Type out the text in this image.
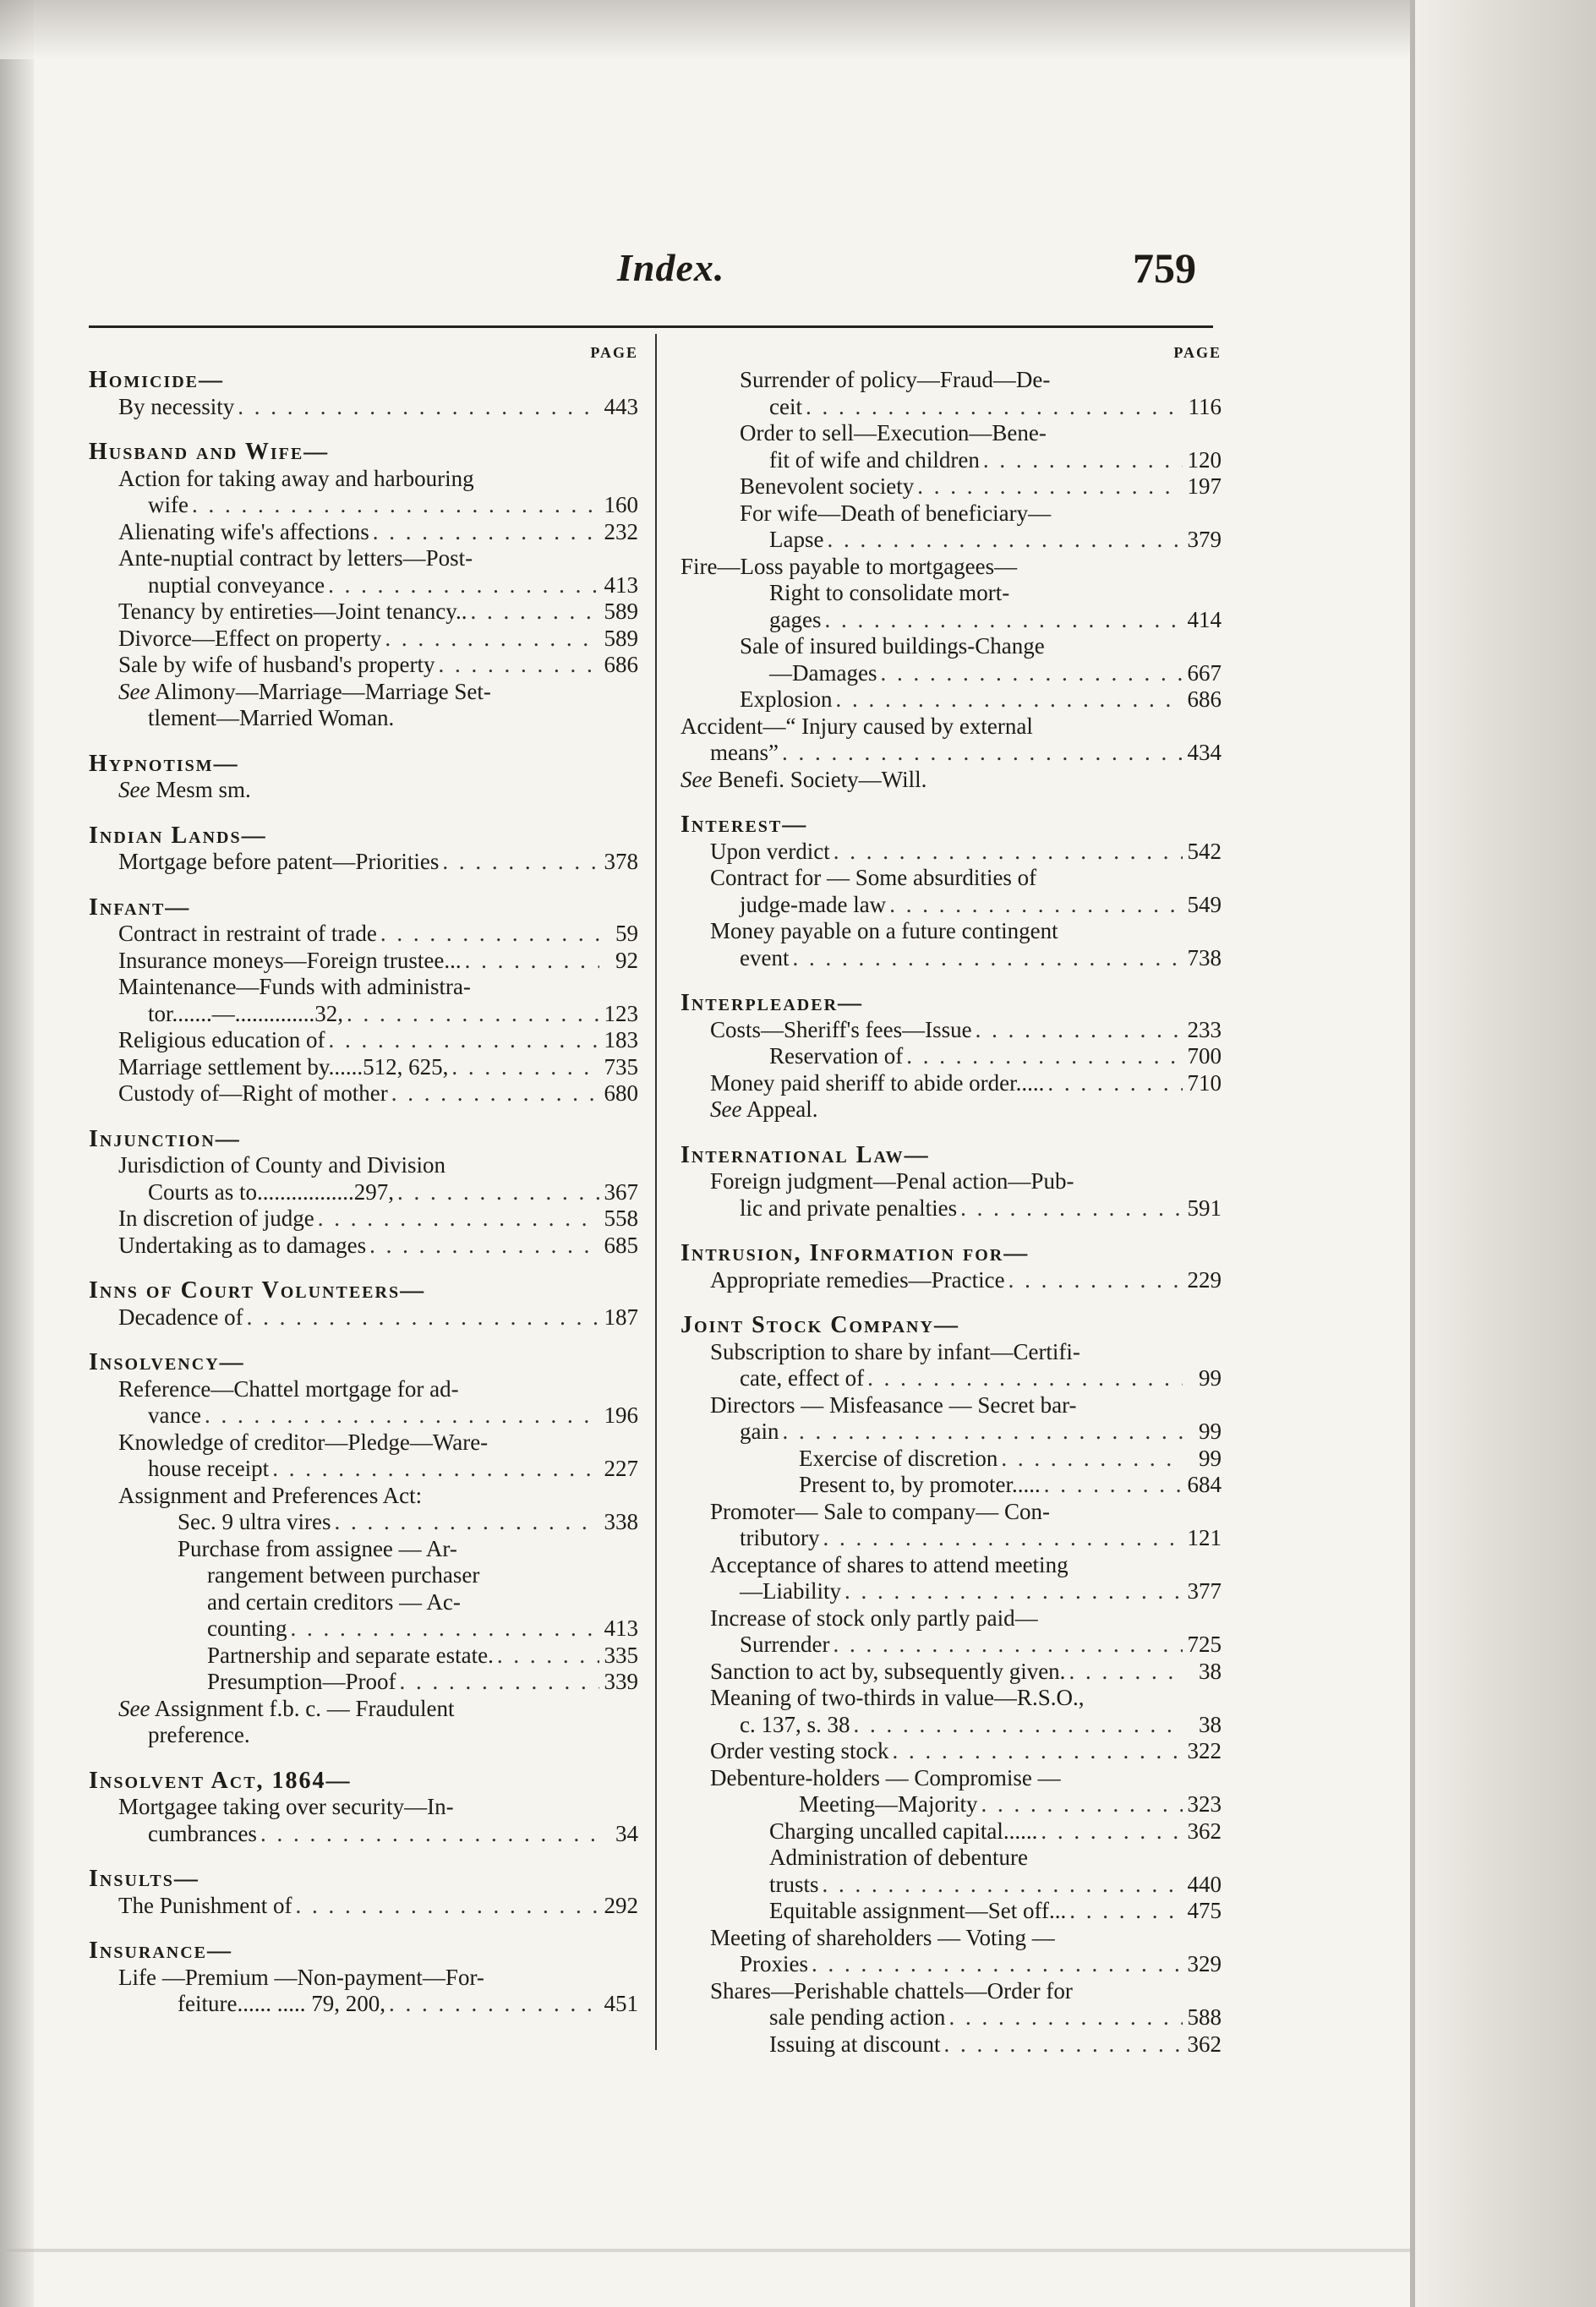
Index.	759
PAGE
Homicide—
By necessity . . .	443
Husband and Wife—
Action for taking away and harbouring
wife . . .	160
Alienating wife's affections . . .	232
Ante-nuptial contract by letters—Post-
nuptial conveyance . . .	413
Tenancy by entireties—Joint tenancy.. . . .	589
Divorce—Effect on property . . .	589
Sale by wife of husband's property . . .	686
See Alimony—Marriage—Marriage Set-
tlement—Married Woman.
Hypnotism—
See Mesm sm.
Indian Lands—
Mortgage before patent—Priorities . . .	378
Infant—
Contract in restraint of trade . . .	59
Insurance moneys—Foreign trustee... . . .	92
Maintenance—Funds with administra-
tor.......—..............32, . . .	123
Religious education of . . .	183
Marriage settlement by......512, 625, . . .	735
Custody of—Right of mother . . .	680
Injunction—
Jurisdiction of County and Division
Courts as to.................297, . . .	367
In discretion of judge . . .	558
Undertaking as to damages . . .	685
Inns of Court Volunteers—
Decadence of . . .	187
Insolvency—
Reference—Chattel mortgage for ad-
vance . . .	196
Knowledge of creditor—Pledge—Ware-
house receipt . . .	227
Assignment and Preferences Act:
Sec. 9 ultra vires . . .	338
Purchase from assignee — Ar-
rangement between purchaser
and certain creditors — Ac-
counting . . .	413
Partnership and separate estate. . . .	335
Presumption—Proof . . .	339
See Assignment f.b. c. — Fraudulent
preference.
Insolvent Act, 1864—
Mortgagee taking over security—In-
cumbrances . . .	34
Insults—
The Punishment of . . .	292
Insurance—
Life —Premium —Non-payment—For-
feiture...... ..... 79, 200, . . .	451
PAGE
Surrender of policy—Fraud—De-
ceit . . .	116
Order to sell—Execution—Bene-
fit of wife and children . . .	120
Benevolent society . . .	197
For wife—Death of beneficiary—
Lapse . . .	379
Fire—Loss payable to mortgagees—
Right to consolidate mort-
gages . . .	414
Sale of insured buildings-Change
—Damages . . .	667
Explosion . . .	686
Accident—“ Injury caused by external
means” . . .	434
See Benefi. Society—Will.
Interest—
Upon verdict . . .	542
Contract for — Some absurdities of
judge-made law . . .	549
Money payable on a future contingent
event . . .	738
Interpleader—
Costs—Sheriff's fees—Issue . . .	233
Reservation of . . .	700
Money paid sheriff to abide order..... . . .	710
See Appeal.
International Law—
Foreign judgment—Penal action—Pub-
lic and private penalties . . .	591
Intrusion, Information for—
Appropriate remedies—Practice . . .	229
Joint Stock Company—
Subscription to share by infant—Certifi-
cate, effect of . . .	99
Directors — Misfeasance — Secret bar-
gain . . .	99
Exercise of discretion . . .	99
Present to, by promoter..... . . .	684
Promoter— Sale to company— Con-
tributory . . .	121
Acceptance of shares to attend meeting
—Liability . . .	377
Increase of stock only partly paid—
Surrender . . .	725
Sanction to act by, subsequently given. . . .	38
Meaning of two-thirds in value—R.S.O.,
c. 137, s. 38 . . .	38
Order vesting stock . . .	322
Debenture-holders — Compromise —
Meeting—Majority . . .	323
Charging uncalled capital...... . . .	362
Administration of debenture
trusts . . .	440
Equitable assignment—Set off... . . .	475
Meeting of shareholders — Voting —
Proxies . . .	329
Shares—Perishable chattels—Order for
sale pending action . . .	588
Issuing at discount . . .	362
